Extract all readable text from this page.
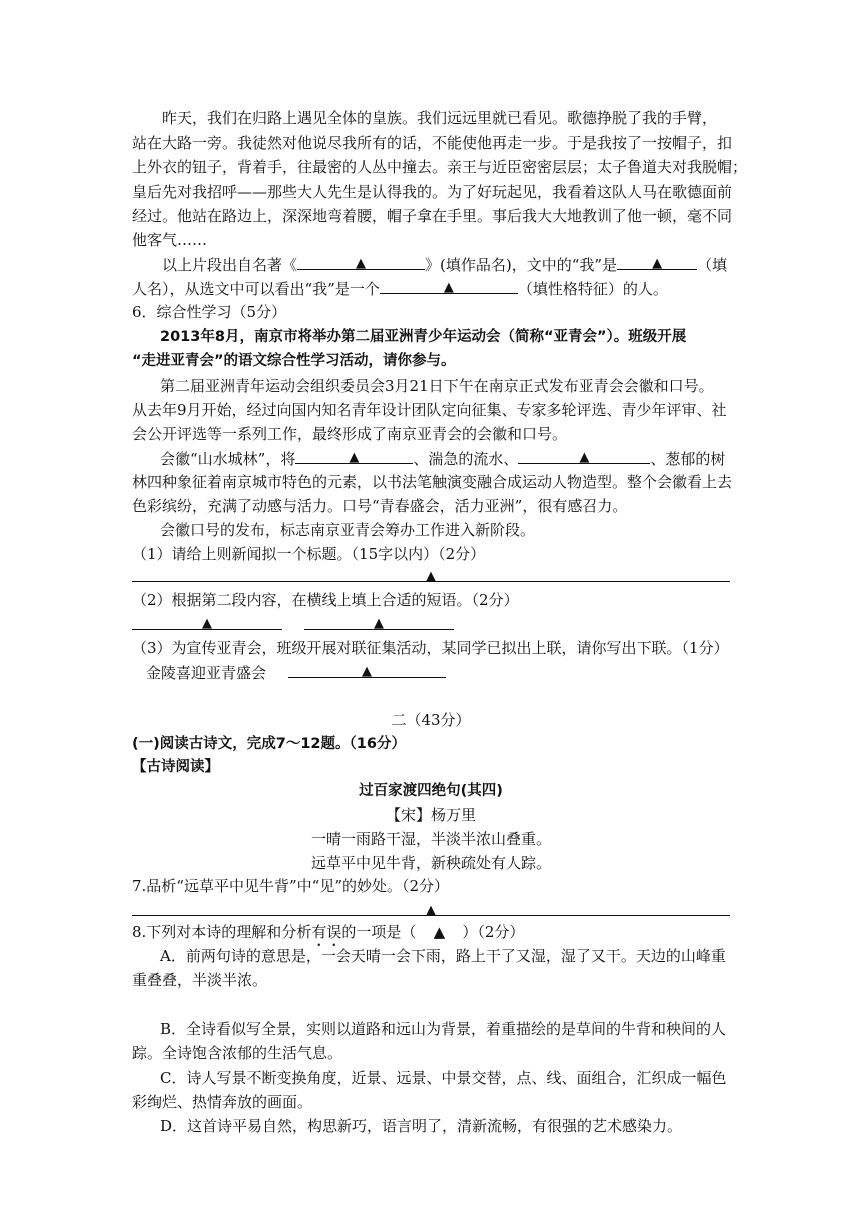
昨天，我们在归路上遇见全体的皇族。我们远远里就已看见。歌德挣脱了我的手臂，
站在大路一旁。我徒然对他说尽我所有的话，不能使他再走一步。于是我按了一按帽子，扣
上外衣的钮子，背着手，往最密的人丛中撞去。亲王与近臣密密层层；太子鲁道夫对我脱帽；
皇后先对我招呼——那些大人先生是认得我的。为了好玩起见，我看着这队人马在歌德面前
经过。他站在路边上，深深地弯着腰，帽子拿在手里。事后我大大地教训了他一顿，毫不同
他客气……
以上片段出自名著《	▲	》(填作品名)，文中的“我”是	▲ （填
人名），从选文中可以看出“我”是一个	▲	（填性格特征）的人。
6．综合性学习（5分）
2013年8月，南京市将举办第二届亚洲青少年运动会（简称“亚青会”）。班级开展
“走进亚青会”的语文综合性学习活动，请你参与。
第二届亚洲青年运动会组织委员会3月21日下午在南京正式发布亚青会会徽和口号。
从去年9月开始，经过向国内知名青年设计团队定向征集、专家多轮评选、青少年评审、社
会公开评选等一系列工作，最终形成了南京亚青会的会徽和口号。
会徽“山水城林”，将	▲	、湍急的流水、	▲	、葱郁的树
林四种象征着南京城市特色的元素，以书法笔触演变融合成运动人物造型。整个会徽看上去
色彩缤纷，充满了动感与活力。口号“青春盛会，活力亚洲”，很有感召力。
会徽口号的发布，标志南京亚青会筹办工作进入新阶段。
（1）请给上则新闻拟一个标题。（15字以内）（2分）
▲
（2）根据第二段内容，在横线上填上合适的短语。（2分）
▲	▲
（3）为宣传亚青会，班级开展对联征集活动，某同学已拟出上联，请你写出下联。（1分）
金陵喜迎亚青盛会	▲
二（43分）
(一)阅读古诗文，完成7～12题。（16分）
【古诗阅读】
过百家渡四绝句(其四)
【宋】杨万里
一晴一雨路干湿，半淡半浓山叠重。
远草平中见牛背，新秧疏处有人踪。
7.品析“远草平中见牛背”中“见”的妙处。（2分）
▲
8.下列对本诗的理解和分析有误的一项是（ ▲ ）（2分）
A．前两句诗的意思是，一会天晴一会下雨，路上干了又湿，湿了又干。天边的山峰重
重叠叠，半淡半浓。
B．全诗看似写全景，实则以道路和远山为背景，着重描绘的是草间的牛背和秧间的人
踪。全诗饱含浓郁的生活气息。
C．诗人写景不断变换角度，近景、远景、中景交替，点、线、面组合，汇织成一幅色
彩绚烂、热情奔放的画面。
D．这首诗平易自然，构思新巧，语言明了，清新流畅，有很强的艺术感染力。
